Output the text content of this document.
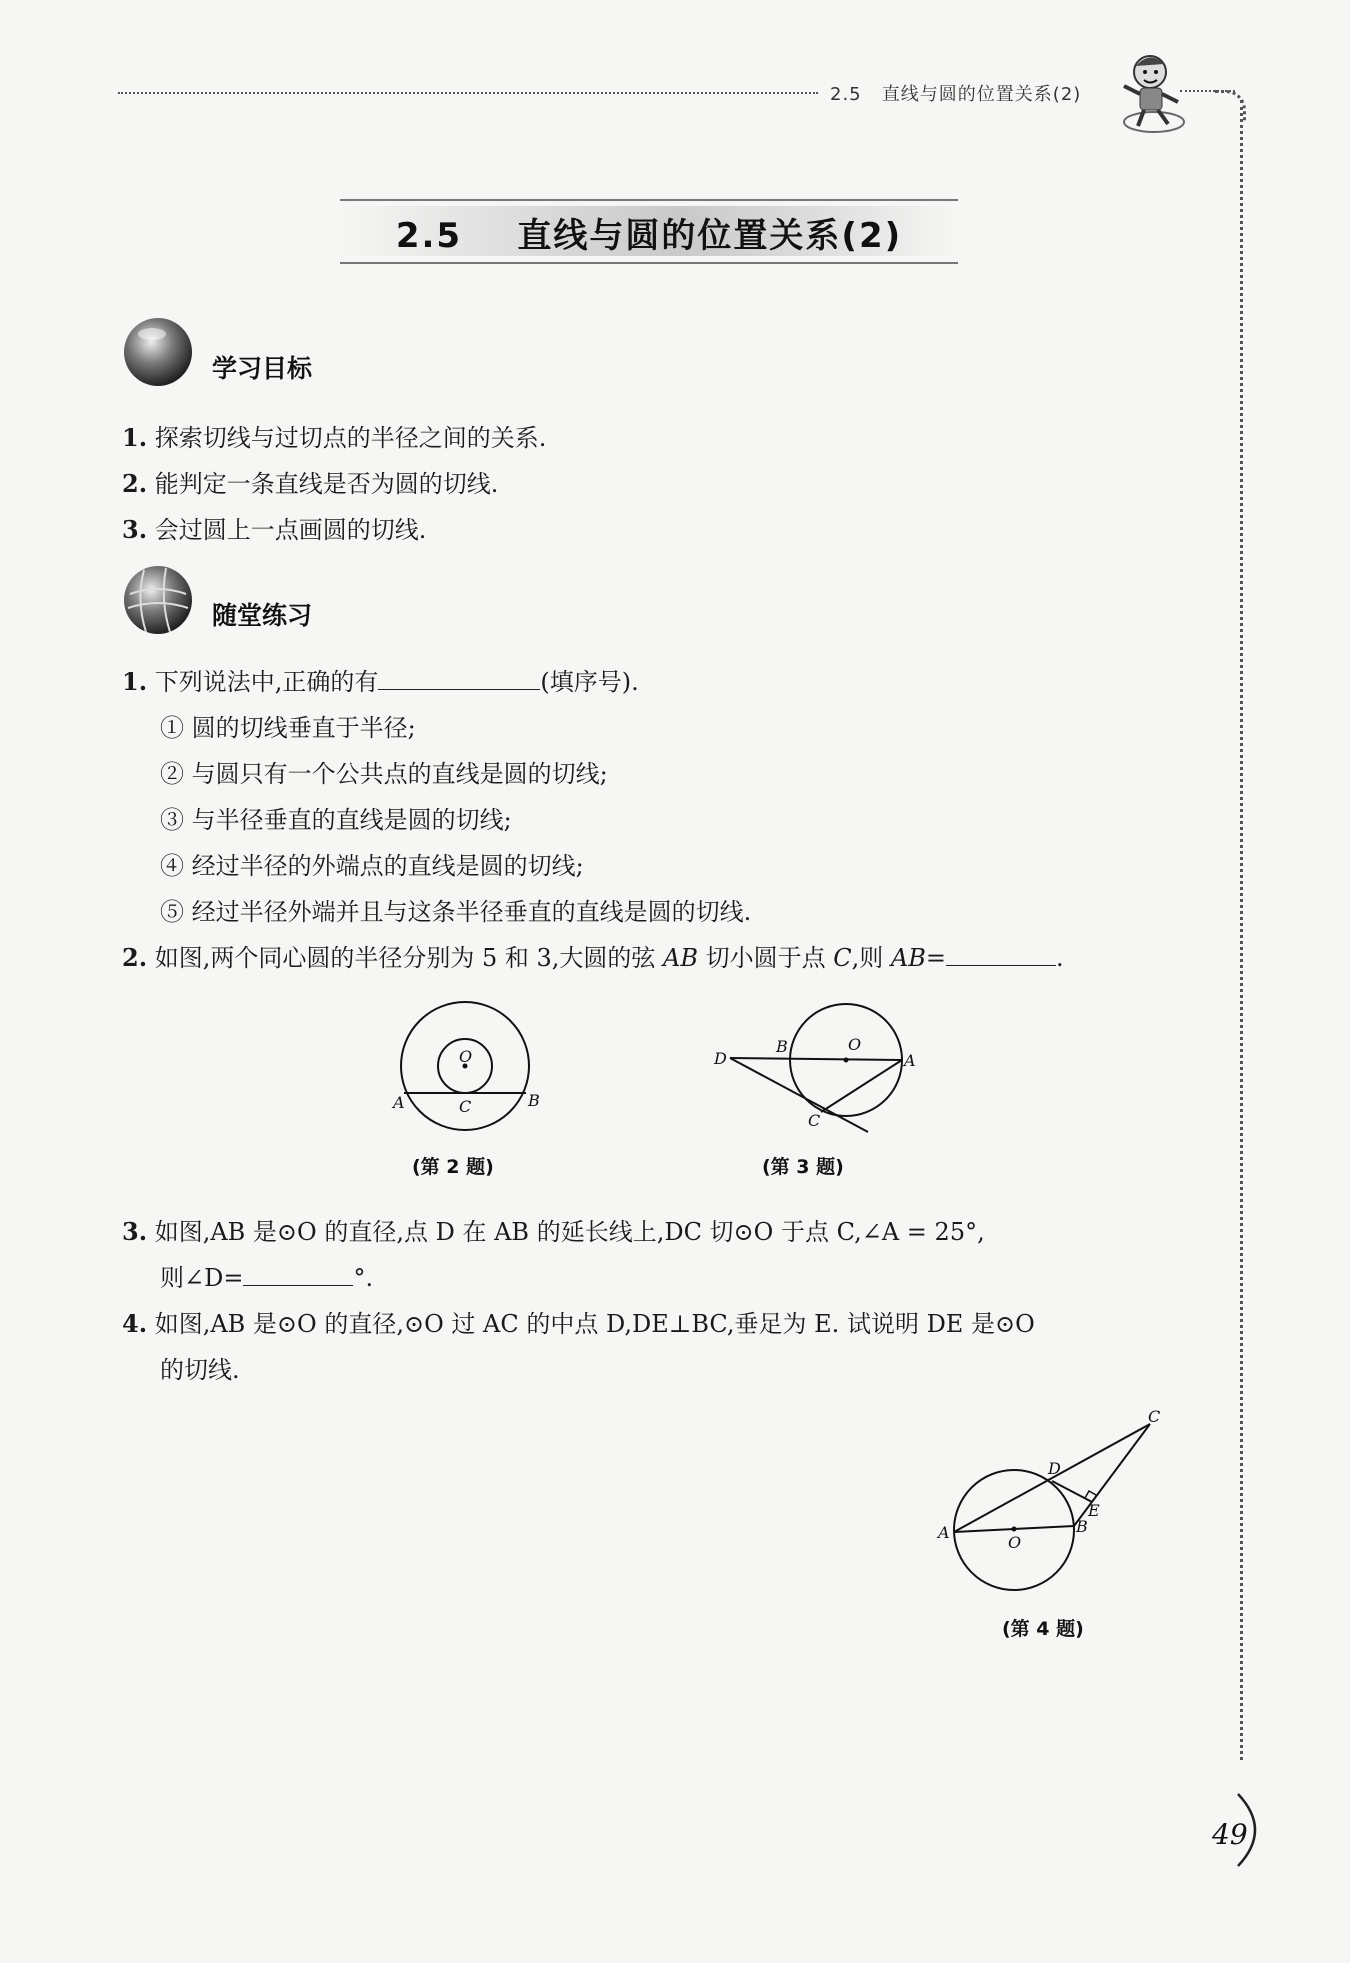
2.5 直线与圆的位置关系(2)
2.5 直线与圆的位置关系(2)
学习目标
1. 探索切线与过切点的半径之间的关系.
2. 能判定一条直线是否为圆的切线.
3. 会过圆上一点画圆的切线.
随堂练习
1. 下列说法中,正确的有	(填序号).
① 圆的切线垂直于半径;
② 与圆只有一个公共点的直线是圆的切线;
③ 与半径垂直的直线是圆的切线;
④ 经过半径的外端点的直线是圆的切线;
⑤ 经过半径外端并且与这条半径垂直的直线是圆的切线.
2. 如图,两个同心圆的半径分别为 5 和 3,大圆的弦 AB 切小圆于点 C,则 AB=	.
O
A	B
C
(第 2 题)
D
B	O
A
C
(第 3 题)
3. 如图,AB 是⊙O 的直径,点 D 在 AB 的延长线上,DC 切⊙O 于点 C,∠A = 25°,
则∠D=	°.
4. 如图,AB 是⊙O 的直径,⊙O 过 AC 的中点 D,DE⊥BC,垂足为 E. 试说明 DE 是⊙O
的切线.
A
O
B
D
E
C
(第 4 题)
49
